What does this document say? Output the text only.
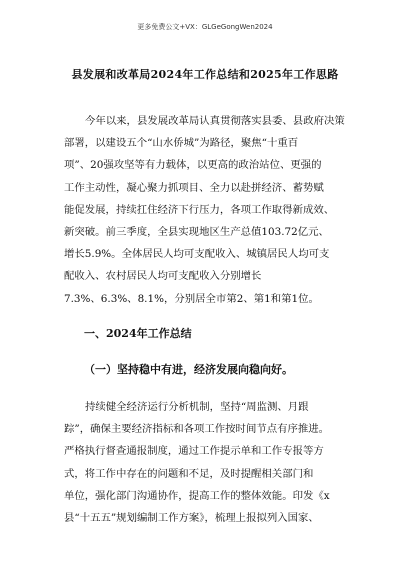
更多免费公文+VX：GLGeGongWen2024
县发展和改革局2024年工作总结和2025年工作思路
今年以来，县发展改革局认真贯彻落实县委、县政府决策
部署，以建设五个“山水侨城”为路径，聚焦“十重百
项”、20强攻坚等有力载体，以更高的政治站位、更强的
工作主动性，凝心聚力抓项目、全力以赴拼经济、蓄势赋
能促发展，持续扛住经济下行压力，各项工作取得新成效、
新突破。前三季度，全县实现地区生产总值103.72亿元、
增长5.9%。全体居民人均可支配收入、城镇居民人均可支
配收入、农村居民人均可支配收入分别增长
7.3%、6.3%、8.1%，分别居全市第2、第1和第1位。
一、2024年工作总结
（一）坚持稳中有进，经济发展向稳向好。
持续健全经济运行分析机制，坚持“周监测、月跟
踪”，确保主要经济指标和各项工作按时间节点有序推进。
严格执行督查通报制度，通过工作提示单和工作专报等方
式，将工作中存在的问题和不足，及时提醒相关部门和
单位，强化部门沟通协作，提高工作的整体效能。印发《x
县“十五五”规划编制工作方案》，梳理上报拟列入国家、
